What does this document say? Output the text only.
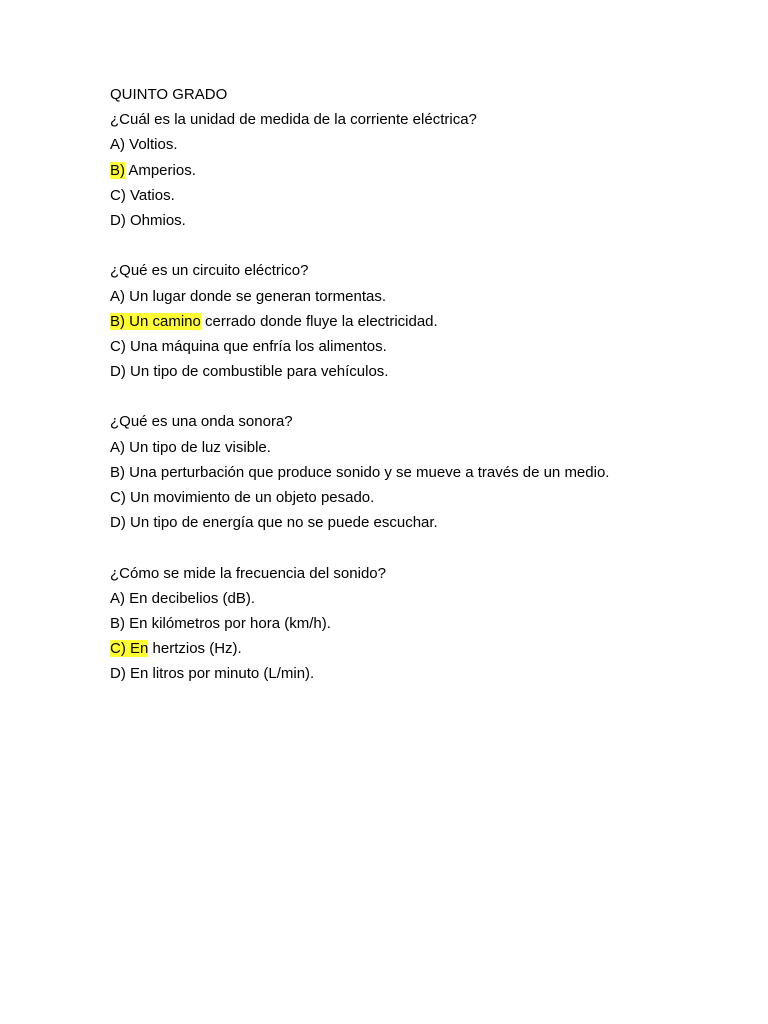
QUINTO GRADO

¿Cuál es la unidad de medida de la corriente eléctrica?

A) Voltios.

B) Amperios.

C) Vatios.

D) Ohmios.

¿Qué es un circuito eléctrico?

A) Un lugar donde se generan tormentas.

B) Un camino cerrado donde fluye la electricidad.

C) Una máquina que enfría los alimentos.

D) Un tipo de combustible para vehículos.

¿Qué es una onda sonora?

A) Un tipo de luz visible.

B) Una perturbación que produce sonido y se mueve a través de un medio.

C) Un movimiento de un objeto pesado.

D) Un tipo de energía que no se puede escuchar.

¿Cómo se mide la frecuencia del sonido?

A) En decibelios (dB).

B) En kilómetros por hora (km/h).

C) En hertzios (Hz).

D) En litros por minuto (L/min).
